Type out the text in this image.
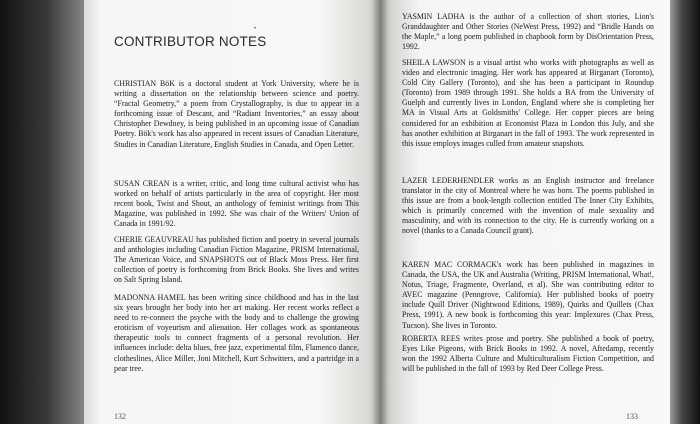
•
CONTRIBUTOR NOTES

CHRISTIAN BöK is a doctoral student at York University, where he is writing a dissertation on the relationship between science and poetry. “Fractal Geometry,” a poem from Crystallography, is due to appear in a forthcoming issue of Descant, and “Radiant Inventories,” an essay about Christopher Dewdney, is being published in an upcoming issue of Canadian Poetry. Bök's work has also appeared in recent issues of Canadian Literature, Studies in Canadian Literature, English Studies in Canada, and Open Letter.

SUSAN CREAN is a writer, critic, and long time cultural activist who has worked on behalf of artists particularly in the area of copyright. Her most recent book, Twist and Shout, an anthology of feminist writings from This Magazine, was published in 1992. She was chair of the Writers' Union of Canada in 1991/92.

CHERIE GEAUVREAU has published fiction and poetry in several journals and anthologies including Canadian Fiction Magazine, PRISM International, The American Voice, and SNAPSHOTS out of Black Moss Press. Her first collection of poetry is forthcoming from Brick Books. She lives and writes on Salt Spring Island.

MADONNA HAMEL has been writing since childhood and has in the last six years brought her body into her art making. Her recent works reflect a need to re-connect the psyche with the body and to challenge the growing eroticism of voyeurism and alienation. Her collages work as spontaneous therapeutic tools to connect fragments of a personal revolution. Her influences include: delta blues, free jazz, experimental film, Flamenco dance, clotheslines, Alice Miller, Joni Mitchell, Kurt Schwitters, and a partridge in a pear tree.

132

YASMIN LADHA is the author of a collection of short stories, Lion's Granddaughter and Other Stories (NeWest Press, 1992) and “Bridle Hands on the Maple,” a long poem published in chapbook form by DisOrientation Press, 1992.

SHEILA LAWSON is a visual artist who works with photographs as well as video and electronic imaging. Her work has appeared at Birganart (Toronto), Cold City Gallery (Toronto), and she has been a participant in Roundup (Toronto) from 1989 through 1991. She holds a BA from the University of Guelph and currently lives in London, England where she is completing her MA in Visual Arts at Goldsmiths' College. Her copper pieces are being considered for an exhibition at Economist Plaza in London this July, and she has another exhibition at Birganart in the fall of 1993. The work represented in this issue employs images culled from amateur snapshots.

LAZER LEDERHENDLER works as an English instructor and freelance translator in the city of Montreal where he was born. The poems published in this issue are from a book-length collection entitled The Inner City Exhibits, which is primarily concerned with the invention of male sexuality and masculinity, and with its connection to the city. He is currently working on a novel (thanks to a Canada Council grant).

KAREN MAC CORMACK's work has been published in magazines in Canada, the USA, the UK and Australia (Writing, PRISM International, What!, Notus, Triage, Fragmente, Overland, et al). She was contributing editor to AVEC magazine (Penngrove, California). Her published books of poetry include Quill Driver (Nightwood Editions, 1989), Quirks and Quillets (Chax Press, 1991). A new book is forthcoming this year: Implexures (Chax Press, Tucson). She lives in Toronto.

ROBERTA REES writes prose and poetry. She published a book of poetry, Eyes Like Pigeons, with Brick Books in 1992. A novel, Aftedamp, recently won the 1992 Alberta Culture and Multiculturalism Fiction Competition, and will be published in the fall of 1993 by Red Deer College Press.

133
